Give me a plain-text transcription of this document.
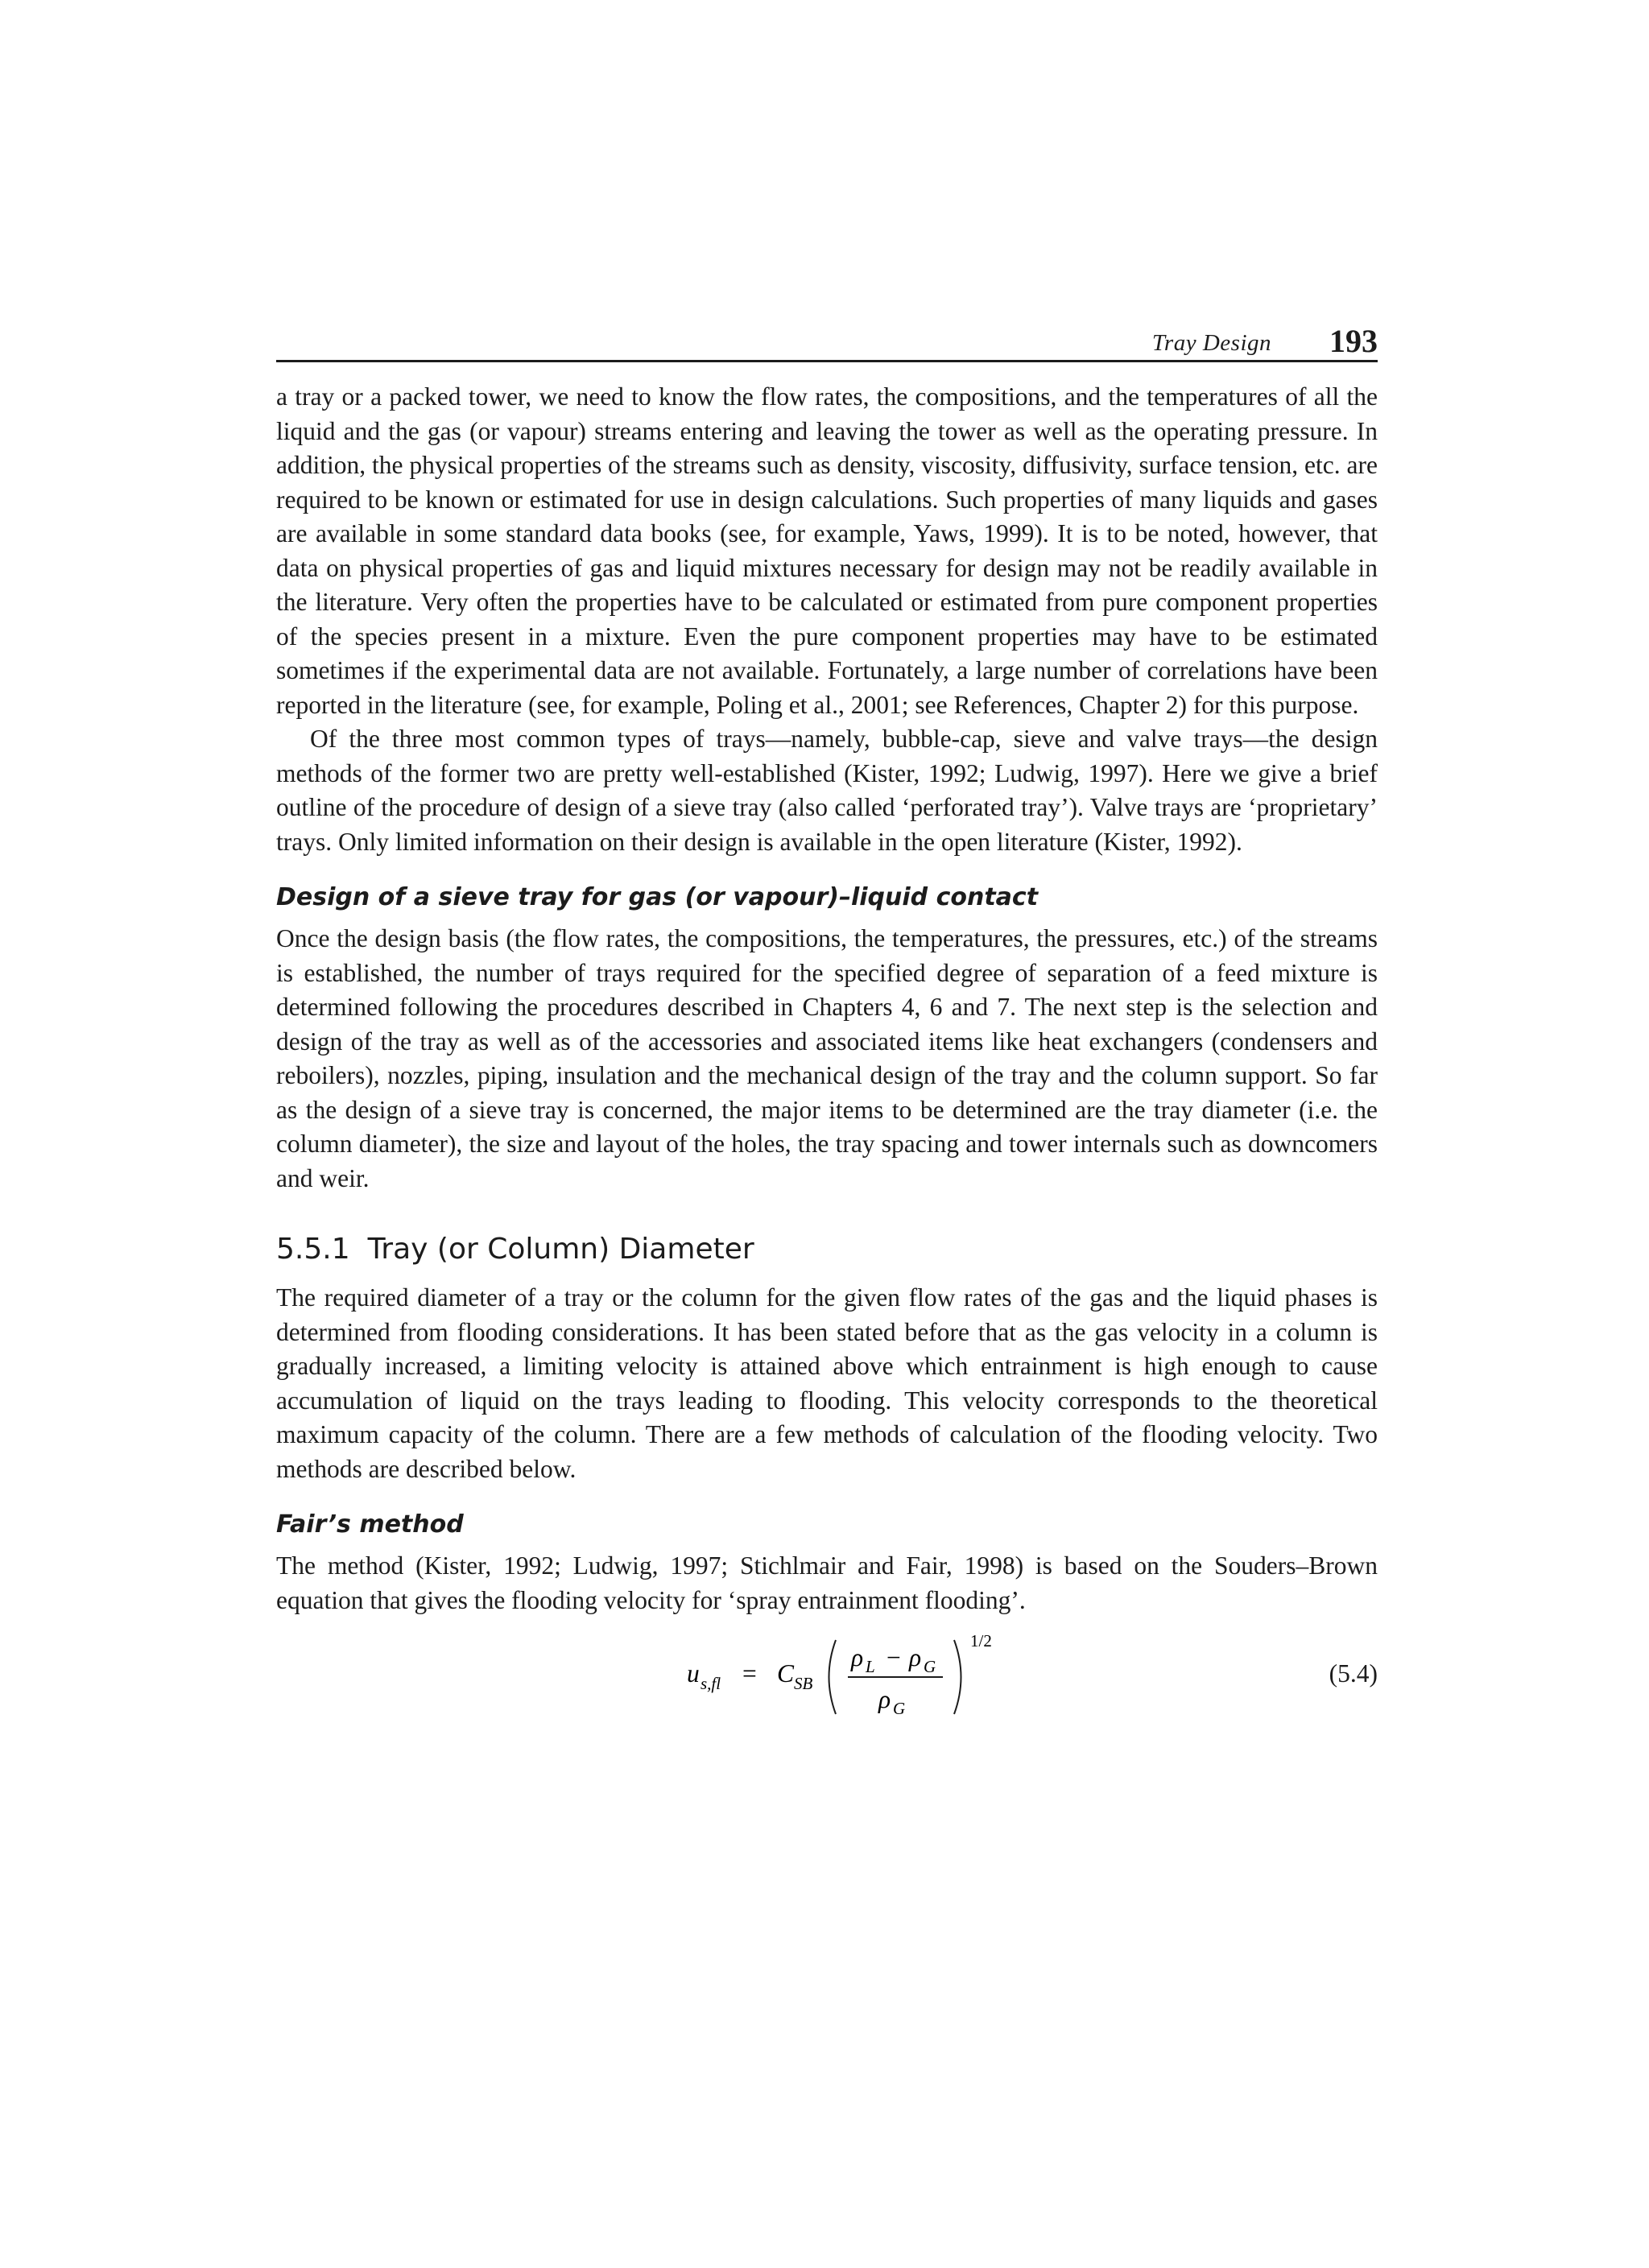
Tray Design 193

a tray or a packed tower, we need to know the flow rates, the compositions, and the temperatures of all the liquid and the gas (or vapour) streams entering and leaving the tower as well as the operating pressure. In addition, the physical properties of the streams such as density, viscosity, diffusivity, surface tension, etc. are required to be known or estimated for use in design calculations. Such properties of many liquids and gases are available in some standard data books (see, for example, Yaws, 1999). It is to be noted, however, that data on physical properties of gas and liquid mixtures necessary for design may not be readily available in the literature. Very often the properties have to be calculated or estimated from pure component properties of the species present in a mixture. Even the pure component properties may have to be estimated sometimes if the experimental data are not available. Fortunately, a large number of correlations have been reported in the literature (see, for example, Poling et al., 2001; see References, Chapter 2) for this purpose.

Of the three most common types of trays—namely, bubble-cap, sieve and valve trays—the design methods of the former two are pretty well-established (Kister, 1992; Ludwig, 1997). Here we give a brief outline of the procedure of design of a sieve tray (also called ‘perforated tray’). Valve trays are ‘proprietary’ trays. Only limited information on their design is available in the open literature (Kister, 1992).

Design of a sieve tray for gas (or vapour)–liquid contact

Once the design basis (the flow rates, the compositions, the temperatures, the pressures, etc.) of the streams is established, the number of trays required for the specified degree of separation of a feed mixture is determined following the procedures described in Chapters 4, 6 and 7. The next step is the selection and design of the tray as well as of the accessories and associated items like heat exchangers (condensers and reboilers), nozzles, piping, insulation and the mechanical design of the tray and the column support. So far as the design of a sieve tray is concerned, the major items to be determined are the tray diameter (i.e. the column diameter), the size and layout of the holes, the tray spacing and tower internals such as downcomers and weir.

5.5.1 Tray (or Column) Diameter

The required diameter of a tray or the column for the given flow rates of the gas and the liquid phases is determined from flooding considerations. It has been stated before that as the gas velocity in a column is gradually increased, a limiting velocity is attained above which entrainment is high enough to cause accumulation of liquid on the trays leading to flooding. This velocity corresponds to the theoretical maximum capacity of the column. There are a few methods of calculation of the flooding velocity. Two methods are described below.

Fair’s method

The method (Kister, 1992; Ludwig, 1997; Stichlmair and Fair, 1998) is based on the Souders–Brown equation that gives the flooding velocity for ‘spray entrainment flooding’.

u s,fl = C SB
ρ L − ρ G
ρ G
1/2
(5.4)
